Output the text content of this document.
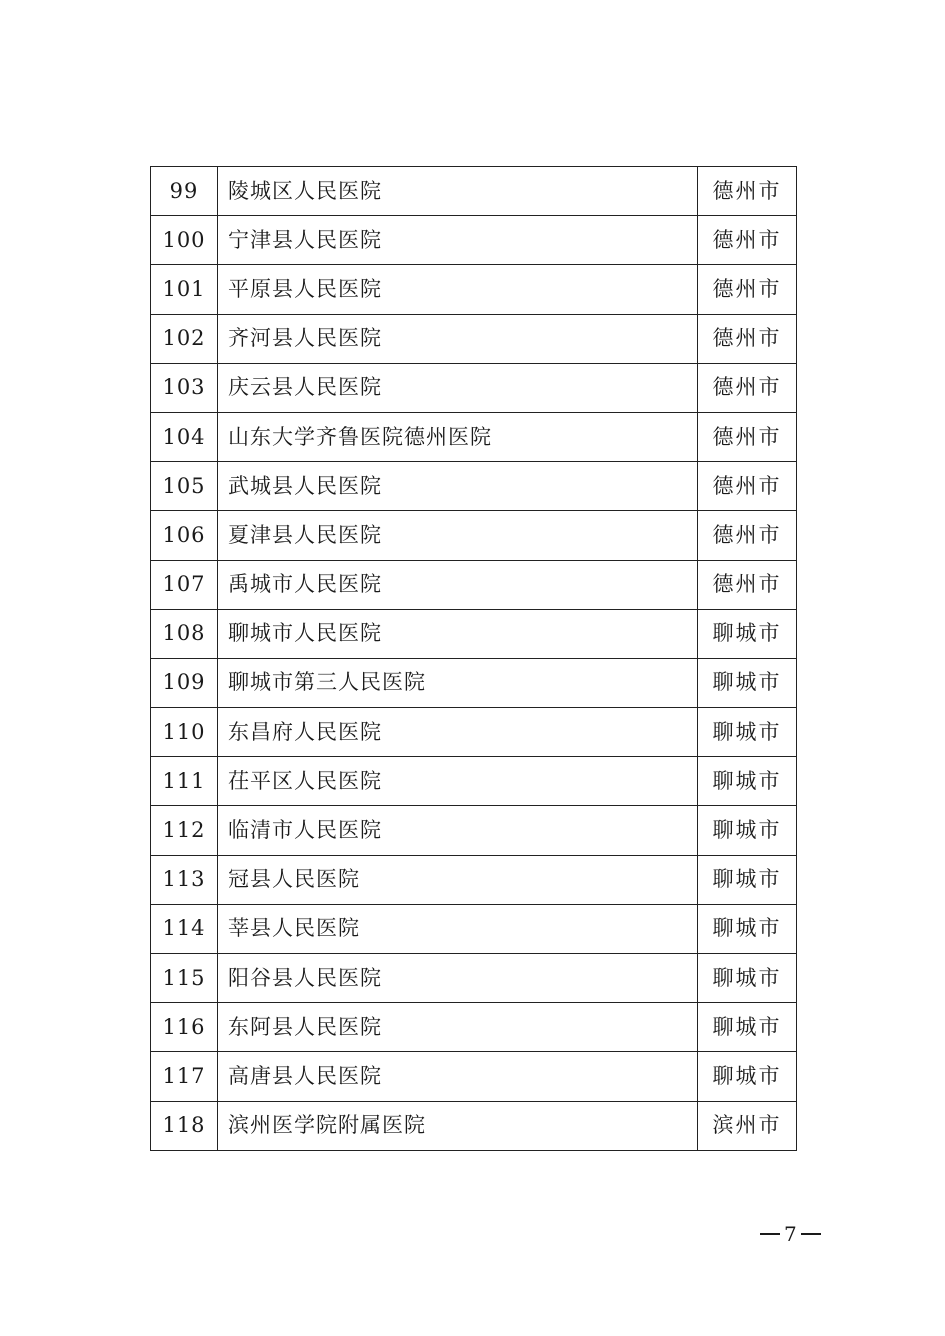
99	陵城区人民医院	德州市
100	宁津县人民医院	德州市
101	平原县人民医院	德州市
102	齐河县人民医院	德州市
103	庆云县人民医院	德州市
104	山东大学齐鲁医院德州医院	德州市
105	武城县人民医院	德州市
106	夏津县人民医院	德州市
107	禹城市人民医院	德州市
108	聊城市人民医院	聊城市
109	聊城市第三人民医院	聊城市
110	东昌府人民医院	聊城市
111	茌平区人民医院	聊城市
112	临清市人民医院	聊城市
113	冠县人民医院	聊城市
114	莘县人民医院	聊城市
115	阳谷县人民医院	聊城市
116	东阿县人民医院	聊城市
117	高唐县人民医院	聊城市
118	滨州医学院附属医院	滨州市
7
